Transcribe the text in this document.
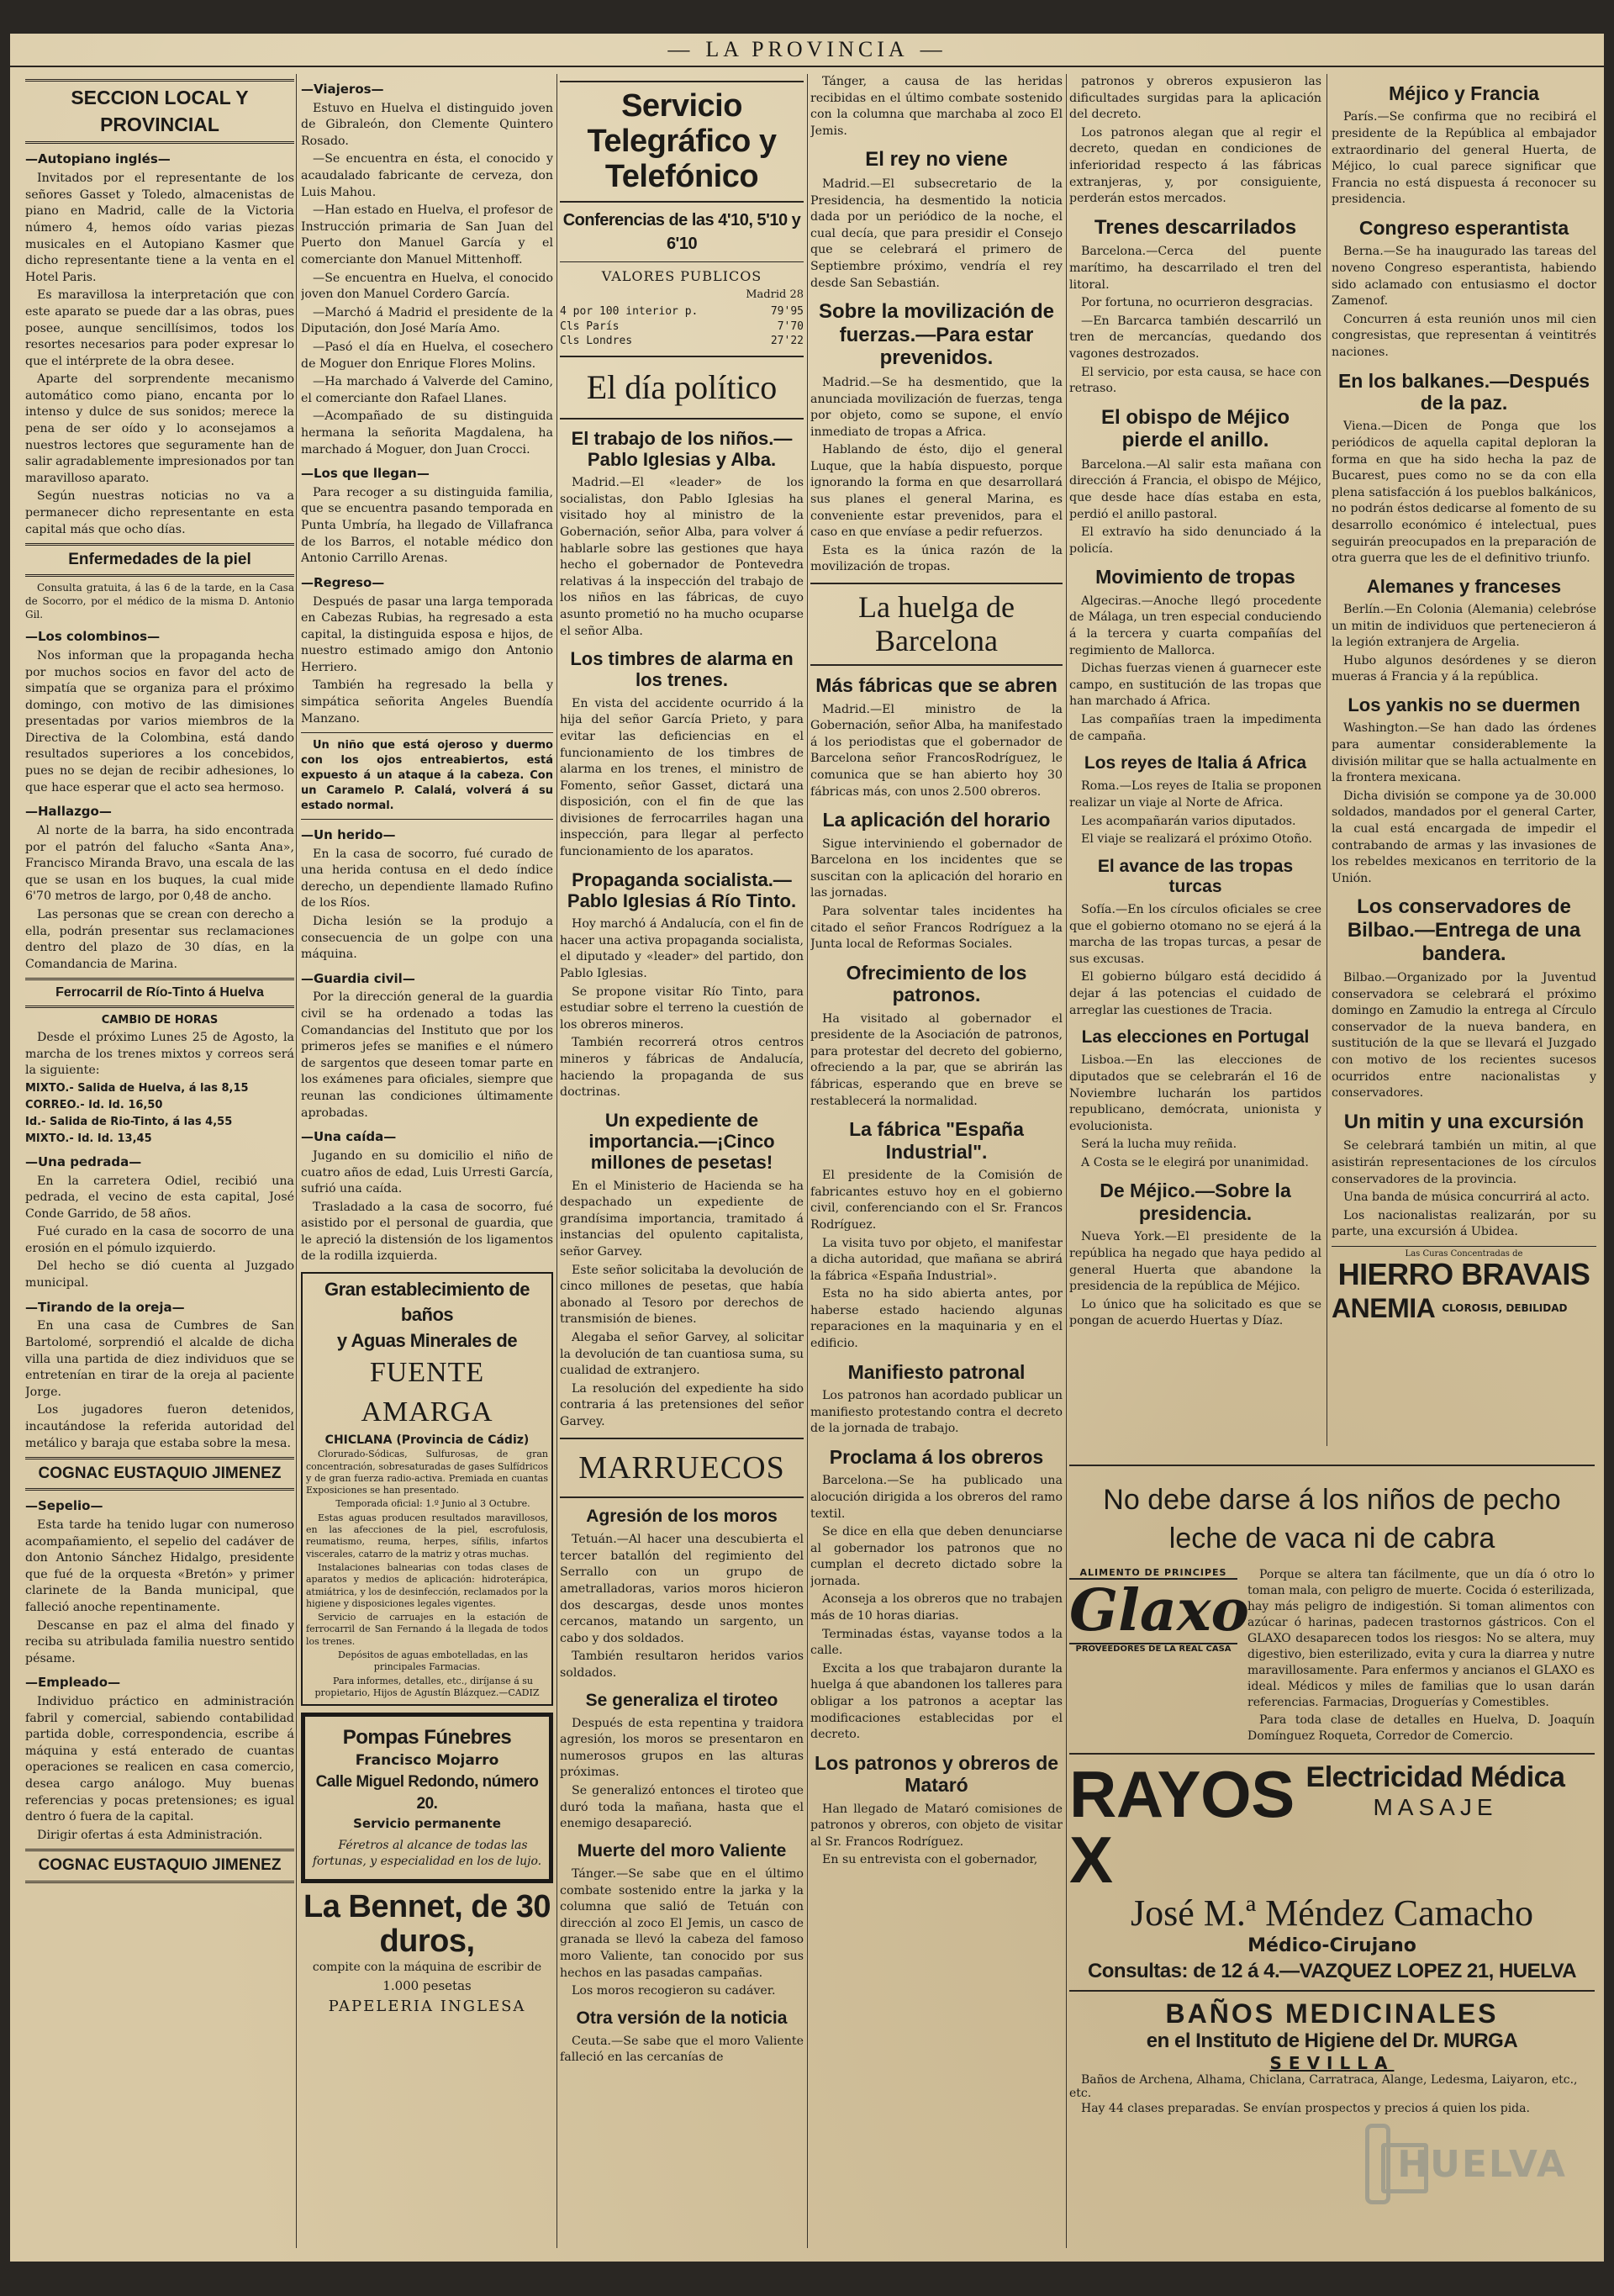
— LA PROVINCIA —
SECCION LOCAL Y PROVINCIAL
—Autopiano inglés—

Invitados por el representante de los señores Gasset y Toledo, almacenistas de piano en Madrid, calle de la Victoria número 4, hemos oído varias piezas musicales en el Autopiano Kasmer que dicho representante tiene a la venta en el Hotel Paris.

Es maravillosa la interpretación que con este aparato se puede dar a las obras, pues posee, aunque sencillísimos, todos los resortes necesarios para poder expresar lo que el intérprete de la obra desee.

Aparte del sorprendente mecanismo automático como piano, encanta por lo intenso y dulce de sus sonidos; merece la pena de ser oído y lo aconsejamos a nuestros lectores que seguramente han de salir agradablemente impresionados por tan maravilloso aparato.

Según nuestras noticias no va a permanecer dicho representante en esta capital más que ocho días.

Enfermedades de la piel

Consulta gratuita, á las 6 de la tarde, en la Casa de Socorro, por el médico de la misma D. Antonio Gil.

—Los colombinos—

Nos informan que la propaganda hecha por muchos socios en favor del acto de simpatía que se organiza para el próximo domingo, con motivo de las dimisiones presentadas por varios miembros de la Directiva de la Colombina, está dando resultados superiores a los concebidos, pues no se dejan de recibir adhesiones, lo que hace esperar que el acto sea hermoso.

—Hallazgo—

Al norte de la barra, ha sido encontrada por el patrón del falucho «Santa Ana», Francisco Miranda Bravo, una escala de las que se usan en los buques, la cual mide 6'70 metros de largo, por 0,48 de ancho.

Las personas que se crean con derecho a ella, podrán presentar sus reclamaciones dentro del plazo de 30 días, en la Comandancia de Marina.

Ferrocarril de Río-Tinto á Huelva

CAMBIO DE HORAS

Desde el próximo Lunes 25 de Agosto, la marcha de los trenes mixtos y correos será la siguiente:

MIXTO.- Salida de Huelva, á las 8,15

CORREO.- Id. Id. 16,50

Id.- Salida de Rio-Tinto, á las 4,55

MIXTO.- Id. Id. 13,45

—Una pedrada—

En la carretera Odiel, recibió una pedrada, el vecino de esta capital, José Conde Garrido, de 58 años.

Fué curado en la casa de socorro de una erosión en el pómulo izquierdo.

Del hecho se dió cuenta al Juzgado municipal.

—Tirando de la oreja—

En una casa de Cumbres de San Bartolomé, sorprendió el alcalde de dicha villa una partida de diez individuos que se entretenían en tirar de la oreja al paciente Jorge.

Los jugadores fueron detenidos, incautándose la referida autoridad del metálico y baraja que estaba sobre la mesa.

COGNAC EUSTAQUIO JIMENEZ
—Sepelio—

Esta tarde ha tenido lugar con numeroso acompañamiento, el sepelio del cadáver de don Antonio Sánchez Hidalgo, presidente que fué de la orquesta «Bretón» y primer clarinete de la Banda municipal, que falleció anoche repentinamente.

Descanse en paz el alma del finado y reciba su atribulada familia nuestro sentido pésame.

—Empleado—

Individuo práctico en administración fabril y comercial, sabiendo contabilidad partida doble, correspondencia, escribe á máquina y está enterado de cuantas operaciones se realicen en casa comercio, desea cargo análogo. Muy buenas referencias y pocas pretensiones; es igual dentro ó fuera de la capital.

Dirigir ofertas á esta Administración.

COGNAC EUSTAQUIO JIMENEZ
—Viajeros—

Estuvo en Huelva el distinguido joven de Gibraleón, don Clemente Quintero Rosado.

—Se encuentra en ésta, el conocido y acaudalado fabricante de cerveza, don Luis Mahou.

—Han estado en Huelva, el profesor de Instrucción primaria de San Juan del Puerto don Manuel García y el comerciante don Manuel Mittenhoff.

—Se encuentra en Huelva, el conocido joven don Manuel Cordero García.

—Marchó á Madrid el presidente de la Diputación, don José María Amo.

—Pasó el día en Huelva, el cosechero de Moguer don Enrique Flores Molins.

—Ha marchado á Valverde del Camino, el comerciante don Rafael Llanes.

—Acompañado de su distinguida hermana la señorita Magdalena, ha marchado á Moguer, don Juan Crocci.

—Los que llegan—

Para recoger a su distinguida familia, que se encuentra pasando temporada en Punta Umbría, ha llegado de Villafranca de los Barros, el notable médico don Antonio Carrillo Arenas.

—Regreso—

Después de pasar una larga temporada en Cabezas Rubias, ha regresado a esta capital, la distinguida esposa e hijos, de nuestro estimado amigo don Antonio Herriero.

También ha regresado la bella y simpática señorita Angeles Buendía Manzano.

Un niño que está ojeroso y duermo con los ojos entreabiertos, está expuesto á un ataque á la cabeza. Con un Caramelo P. Calalá, volverá á su estado normal.

—Un herido—

En la casa de socorro, fué curado de una herida contusa en el dedo índice derecho, un dependiente llamado Rufino de los Ríos.

Dicha lesión se la produjo a consecuencia de un golpe con una máquina.

—Guardia civil—

Por la dirección general de la guardia civil se ha ordenado a todas las Comandancias del Instituto que por los primeros jefes se manifies e el número de sargentos que deseen tomar parte en los exámenes para oficiales, siempre que reunan las condiciones últimamente aprobadas.

—Una caída—

Jugando en su domicilio el niño de cuatro años de edad, Luis Urresti García, sufrió una caída.

Trasladado a la casa de socorro, fué asistido por el personal de guardia, que le apreció la distensión de los ligamentos de la rodilla izquierda.

Gran establecimiento de baños
y Aguas Minerales de
FUENTE AMARGA
CHICLANA (Provincia de Cádiz)

Clorurado-Sódicas, Sulfurosas, de gran concentración, sobresaturadas de gases Sulfídricos y de gran fuerza radio-activa. Premiada en cuantas Exposiciones se han presentado.

Temporada oficial: 1.º Junio al 3 Octubre.

Estas aguas producen resultados maravillosos, en las afecciones de la piel, escrofulosis, reumatismo, reuma, herpes, sífilis, infartos viscerales, catarro de la matriz y otras muchas.

Instalaciones balnearias con todas clases de aparatos y medios de aplicación: hidroterápica, atmiátrica, y los de desinfección, reclamados por la higiene y disposiciones legales vigentes.

Servicio de carruajes en la estación de ferrocarril de San Fernando á la llegada de todos los trenes.

Depósitos de aguas embotelladas, en las principales Farmacias.

Para informes, detalles, etc., diríjanse á su propietario, Hijos de Agustín Blázquez.—CADIZ

Pompas Fúnebres
Francisco Mojarro
Calle Miguel Redondo, número 20.
Servicio permanente

Féretros al alcance de todas las fortunas, y especialidad en los de lujo.

La Bennet, de 30 duros,

compite con la máquina de escribir de

1.000 pesetas

PAPELERIA INGLESA

Servicio Telegráfico y Telefónico
Conferencias de las 4'10, 5'10 y 6'10

VALORES PUBLICOS

Madrid 28

4 por 100 interior p.	79'95
Cls París	7'70
Cls Londres	27'22
El día político
El trabajo de los niños.—Pablo Iglesias y Alba.

Madrid.—El «leader» de los socialistas, don Pablo Iglesias ha visitado hoy al ministro de la Gobernación, señor Alba, para volver á hablarle sobre las gestiones que haya hecho el gobernador de Pontevedra relativas á la inspección del trabajo de los niños en las fábricas, de cuyo asunto prometió no ha mucho ocuparse el señor Alba.

Los timbres de alarma en los trenes.

En vista del accidente ocurrido á la hija del señor García Prieto, y para evitar las deficiencias en el funcionamiento de los timbres de alarma en los trenes, el ministro de Fomento, señor Gasset, dictará una disposición, con el fin de que las divisiones de ferrocarriles hagan una inspección, para llegar al perfecto funcionamiento de los aparatos.

Propaganda socialista.—Pablo Iglesias á Río Tinto.

Hoy marchó á Andalucía, con el fin de hacer una activa propaganda socialista, el diputado y «leader» del partido, don Pablo Iglesias.

Se propone visitar Río Tinto, para estudiar sobre el terreno la cuestión de los obreros mineros.

También recorrerá otros centros mineros y fábricas de Andalucía, haciendo la propaganda de sus doctrinas.

Un expediente de importancia.—¡Cinco millones de pesetas!

En el Ministerio de Hacienda se ha despachado un expediente de grandísima importancia, tramitado á instancias del opulento capitalista, señor Garvey.

Este señor solicitaba la devolución de cinco millones de pesetas, que había abonado al Tesoro por derechos de transmisión de bienes.

Alegaba el señor Garvey, al solicitar la devolución de tan cuantiosa suma, su cualidad de extranjero.

La resolución del expediente ha sido contraria á las pretensiones del señor Garvey.

MARRUECOS
Agresión de los moros

Tetuán.—Al hacer una descubierta el tercer batallón del regimiento del Serrallo con un grupo de ametralladoras, varios moros hicieron dos descargas, desde unos montes cercanos, matando un sargento, un cabo y dos soldados.

También resultaron heridos varios soldados.

Se generaliza el tiroteo

Después de esta repentina y traidora agresión, los moros se presentaron en numerosos grupos en las alturas próximas.

Se generalizó entonces el tiroteo que duró toda la mañana, hasta que el enemigo desapareció.

Muerte del moro Valiente

Tánger.—Se sabe que en el último combate sostenido entre la jarka y la columna que salió de Tetuán con dirección al zoco El Jemis, un casco de granada se llevó la cabeza del famoso moro Valiente, tan conocido por sus hechos en las pasadas campañas.

Los moros recogieron su cadáver.

Otra versión de la noticia

Ceuta.—Se sabe que el moro Valiente falleció en las cercanías de

Tánger, a causa de las heridas recibidas en el último combate sostenido con la columna que marchaba al zoco El Jemis.

El rey no viene

Madrid.—El subsecretario de la Presidencia, ha desmentido la noticia dada por un periódico de la noche, el cual decía, que para presidir el Consejo que se celebrará el primero de Septiembre próximo, vendría el rey desde San Sebastián.

Sobre la movilización de fuerzas.—Para estar prevenidos.

Madrid.—Se ha desmentido, que la anunciada movilización de fuerzas, tenga por objeto, como se supone, el envío inmediato de tropas a Africa.

Hablando de ésto, dijo el general Luque, que la había dispuesto, porque ignorando la forma en que desarrollará sus planes el general Marina, es conveniente estar prevenidos, para el caso en que envíase a pedir refuerzos.

Esta es la única razón de la movilización de tropas.

La huelga de Barcelona
Más fábricas que se abren

Madrid.—El ministro de la Gobernación, señor Alba, ha manifestado á los periodistas que el gobernador de Barcelona señor FrancosRodríguez, le comunica que se han abierto hoy 30 fábricas más, con unos 2.500 obreros.

La aplicación del horario

Sigue interviniendo el gobernador de Barcelona en los incidentes que se suscitan con la aplicación del horario en las jornadas.

Para solventar tales incidentes ha citado el señor Francos Rodríguez a la Junta local de Reformas Sociales.

Ofrecimiento de los patronos.

Ha visitado al gobernador el presidente de la Asociación de patronos, para protestar del decreto del gobierno, ofreciendo a la par, que se abrirán las fábricas, esperando que en breve se restablecerá la normalidad.

La fábrica "España Industrial".

El presidente de la Comisión de fabricantes estuvo hoy en el gobierno civil, conferenciando con el Sr. Francos Rodríguez.

La visita tuvo por objeto, el manifestar a dicha autoridad, que mañana se abrirá la fábrica «España Industrial».

Esta no ha sido abierta antes, por haberse estado haciendo algunas reparaciones en la maquinaria y en el edificio.

Manifiesto patronal

Los patronos han acordado publicar un manifiesto protestando contra el decreto de la jornada de trabajo.

Proclama á los obreros

Barcelona.—Se ha publicado una alocución dirigida a los obreros del ramo textil.

Se dice en ella que deben denunciarse al gobernador los patronos que no cumplan el decreto dictado sobre la jornada.

Aconseja a los obreros que no trabajen más de 10 horas diarias.

Terminadas éstas, vayanse todos a la calle.

Excita a los que trabajaron durante la huelga á que abandonen los talleres para obligar a los patronos a aceptar las modificaciones establecidas por el decreto.

Los patronos y obreros de Mataró

Han llegado de Mataró comisiones de patronos y obreros, con objeto de visitar al Sr. Francos Rodríguez.

En su entrevista con el gobernador,

patronos y obreros expusieron las dificultades surgidas para la aplicación del decreto.

Los patronos alegan que al regir el decreto, quedan en condiciones de inferioridad respecto á las fábricas extranjeras, y, por consiguiente, perderán estos mercados.

Trenes descarrilados

Barcelona.—Cerca del puente marítimo, ha descarrilado el tren del litoral.

Por fortuna, no ocurrieron desgracias.

—En Barcarca también descarriló un tren de mercancías, quedando dos vagones destrozados.

El servicio, por esta causa, se hace con retraso.

El obispo de Méjico pierde el anillo.

Barcelona.—Al salir esta mañana con dirección á Francia, el obispo de Méjico, que desde hace días estaba en esta, perdió el anillo pastoral.

El extravío ha sido denunciado á la policía.

Movimiento de tropas

Algeciras.—Anoche llegó procedente de Málaga, un tren especial conduciendo á la tercera y cuarta compañías del regimiento de Mallorca.

Dichas fuerzas vienen á guarnecer este campo, en sustitución de las tropas que han marchado á Africa.

Las compañías traen la impedimenta de campaña.

Los reyes de Italia á Africa

Roma.—Los reyes de Italia se proponen realizar un viaje al Norte de Africa.

Les acompañarán varios diputados.

El viaje se realizará el próximo Otoño.

El avance de las tropas turcas

Sofía.—En los círculos oficiales se cree que el gobierno otomano no se ejerá á la marcha de las tropas turcas, a pesar de sus excusas.

El gobierno búlgaro está decidido á dejar á las potencias el cuidado de arreglar las cuestiones de Tracia.

Las elecciones en Portugal

Lisboa.—En las elecciones de diputados que se celebrarán el 16 de Noviembre lucharán los partidos republicano, demócrata, unionista y evolucionista.

Será la lucha muy reñida.

A Costa se le elegirá por unanimidad.

De Méjico.—Sobre la presidencia.

Nueva York.—El presidente de la república ha negado que haya pedido al general Huerta que abandone la presidencia de la república de Méjico.

Lo único que ha solicitado es que se pongan de acuerdo Huertas y Díaz.

Méjico y Francia

París.—Se confirma que no recibirá el presidente de la República al embajador extraordinario del general Huerta, de Méjico, lo cual parece significar que Francia no está dispuesta á reconocer su presidencia.

Congreso esperantista

Berna.—Se ha inaugurado las tareas del noveno Congreso esperantista, habiendo sido aclamado con entusiasmo el doctor Zamenof.

Concurren á esta reunión unos mil cien congresistas, que representan á veintitrés naciones.

En los balkanes.—Después de la paz.

Viena.—Dicen de Ponga que los periódicos de aquella capital deploran la forma en que ha sido hecha la paz de Bucarest, pues como no se da con ella plena satisfacción á los pueblos balkánicos, no podrán éstos dedicarse al fomento de su desarrollo económico é intelectual, pues seguirán preocupados en la preparación de otra guerra que les de el definitivo triunfo.

Alemanes y franceses

Berlín.—En Colonia (Alemania) celebróse un mitin de individuos que pertenecieron á la legión extranjera de Argelia.

Hubo algunos desórdenes y se dieron mueras á Francia y á la república.

Los yankis no se duermen

Washington.—Se han dado las órdenes para aumentar considerablemente la división militar que se halla actualmente en la frontera mexicana.

Dicha división se compone ya de 30.000 soldados, mandados por el general Carter, la cual está encargada de impedir el contrabando de armas y las invasiones de los rebeldes mexicanos en territorio de la Unión.

Los conservadores de Bilbao.—Entrega de una bandera.

Bilbao.—Organizado por la Juventud conservadora se celebrará el próximo domingo en Zamudio la entrega al Círculo conservador de la nueva bandera, en sustitución de la que se llevará el Juzgado con motivo de los recientes sucesos ocurridos entre nacionalistas y conservadores.

Un mitin y una excursión

Se celebrará también un mitin, al que asistirán representaciones de los círculos conservadores de la provincia.

Una banda de música concurrirá al acto.

Los nacionalistas realizarán, por su parte, una excursión á Ubidea.

Las Curas Concentradas de
HIERRO BRAVAIS
ANEMIA CLOROSIS, DEBILIDAD
No debe darse á los niños de pecho
leche de vaca ni de cabra
ALIMENTO DE PRINCIPES
Glaxo
PROVEEDORES DE LA REAL CASA

Porque se altera tan fácilmente, que un día ó otro lo toman mala, con peligro de muerte. Cocida ó esterilizada, hay más peligro de indigestión. Si toman alimentos con azúcar ó harinas, padecen trastornos gástricos. Con el GLAXO desaparecen todos los riesgos: No se altera, muy digestivo, bien esterilizado, evita y cura la diarrea y nutre maravillosamente. Para enfermos y ancianos el GLAXO es ideal. Médicos y miles de familias que lo usan darán referencias. Farmacias, Droguerías y Comestibles.

Para toda clase de detalles en Huelva, D. Joaquín Domínguez Roqueta, Corredor de Comercio.

RAYOS X
Electricidad Médica
MASAJE
José M.ª Méndez Camacho
Médico-Cirujano
Consultas: de 12 á 4.—VAZQUEZ LOPEZ 21, HUELVA
BAÑOS MEDICINALES
en el Instituto de Higiene del Dr. MURGA
SEVILLA

Baños de Archena, Alhama, Chiclana, Carratraca, Alange, Ledesma, Laiyaron, etc., etc.

Hay 44 clases preparadas. Se envían prospectos y precios á quien los pida.

HUELVA
